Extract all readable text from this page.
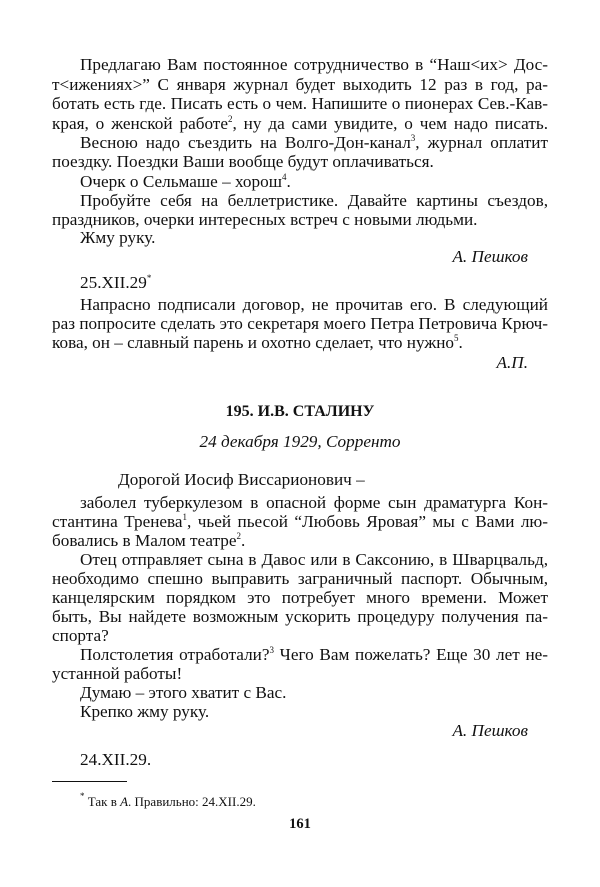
Предлагаю Вам постоянное сотрудничество в “Наш<их> Дос-
т<ижениях>” С января журнал будет выходить 12 раз в год, ра-
ботать есть где. Писать есть о чем. Напишите о пионерах Сев.-Кав-
края, о женской работе$^2$, ну да сами увидите, о чем надо писать.
Весною надо съездить на Волго-Дон-канал$^3$, журнал оплатит
поездку. Поездки Ваши вообще будут оплачиваться.
Очерк о Сельмаше – хорош$^4$.
Пробуйте себя на беллетристике. Давайте картины съездов,
праздников, очерки интересных встреч с новыми людьми.
Жму руку.
А. Пешков
25.XII.29*
Напрасно подписали договор, не прочитав его. В следующий
раз попросите сделать это секретаря моего Петра Петровича Крюч-
кова, он – славный парень и охотно сделает, что нужно$^5$.
А.П.
195. И.В. СТАЛИНУ
24 декабря 1929, Сорренто
Дорогой Иосиф Виссарионович –
заболел туберкулезом в опасной форме сын драматурга Кон-
стантина Тренева$^1$, чьей пьесой “Любовь Яровая” мы с Вами лю-
бовались в Малом театре$^2$.
Отец отправляет сына в Давос или в Саксонию, в Шварцвальд,
необходимо спешно выправить заграничный паспорт. Обычным,
канцелярским порядком это потребует много времени. Может
быть, Вы найдете возможным ускорить процедуру получения па-
спорта?
Полстолетия отработали?$^3$ Чего Вам пожелать? Еще 30 лет не-
устанной работы!
Думаю – этого хватит с Вас.
Крепко жму руку.
А. Пешков
24.XII.29.
* Так в А. Правильно: 24.XII.29.
161
